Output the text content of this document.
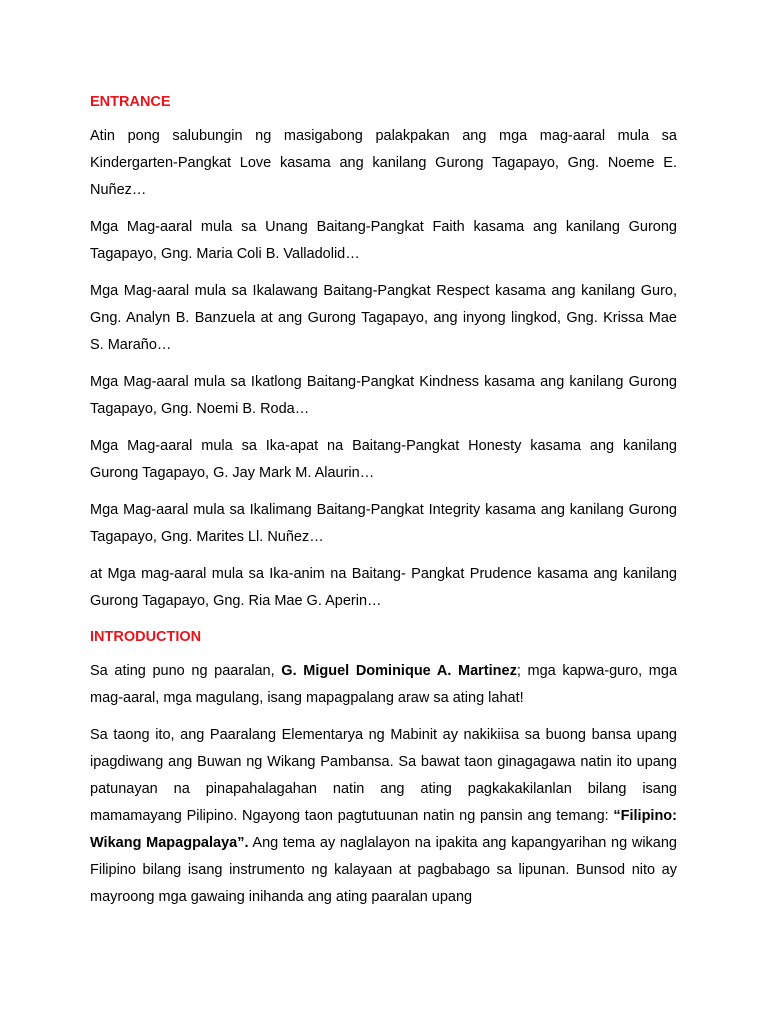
ENTRANCE

Atin pong salubungin ng masigabong palakpakan ang mga mag-aaral mula sa Kindergarten-Pangkat Love kasama ang kanilang Gurong Tagapayo, Gng. Noeme E. Nuñez…

Mga Mag-aaral mula sa Unang Baitang-Pangkat Faith kasama ang kanilang Gurong Tagapayo, Gng. Maria Coli B. Valladolid…

Mga Mag-aaral mula sa Ikalawang Baitang-Pangkat Respect kasama ang kanilang Guro, Gng. Analyn B. Banzuela at ang Gurong Tagapayo, ang inyong lingkod, Gng. Krissa Mae S. Maraño…

Mga Mag-aaral mula sa Ikatlong Baitang-Pangkat Kindness kasama ang kanilang Gurong Tagapayo, Gng. Noemi B. Roda…

Mga Mag-aaral mula sa Ika-apat na Baitang-Pangkat Honesty kasama ang kanilang Gurong Tagapayo, G. Jay Mark M. Alaurin…

Mga Mag-aaral mula sa Ikalimang Baitang-Pangkat Integrity kasama ang kanilang Gurong Tagapayo, Gng. Marites Ll. Nuñez…

at Mga mag-aaral mula sa Ika-anim na Baitang- Pangkat Prudence kasama ang kanilang Gurong Tagapayo, Gng. Ria Mae G. Aperin…

INTRODUCTION

Sa ating puno ng paaralan, G. Miguel Dominique A. Martinez; mga kapwa-guro, mga mag-aaral, mga magulang, isang mapagpalang araw sa ating lahat!

Sa taong ito, ang Paaralang Elementarya ng Mabinit ay nakikiisa sa buong bansa upang ipagdiwang ang Buwan ng Wikang Pambansa. Sa bawat taon ginagagawa natin ito upang patunayan na pinapahalagahan natin ang ating pagkakakilanlan bilang isang mamamayang Pilipino. Ngayong taon pagtutuunan natin ng pansin ang temang: “Filipino: Wikang Mapagpalaya”. Ang tema ay naglalayon na ipakita ang kapangyarihan ng wikang Filipino bilang isang instrumento ng kalayaan at pagbabago sa lipunan. Bunsod nito ay mayroong mga gawaing inihanda ang ating paaralan upang
